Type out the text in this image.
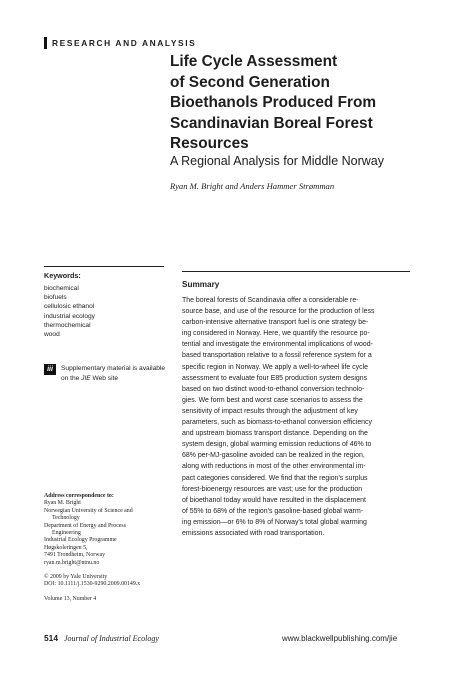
RESEARCH AND ANALYSIS
Life Cycle Assessment
of Second Generation
Bioethanols Produced From
Scandinavian Boreal Forest
Resources
A Regional Analysis for Middle Norway
Ryan M. Bright and Anders Hammer Strømman
Keywords:
biochemical
biofuels
cellulosic ethanol
industrial ecology
thermochemical
wood
iii	Supplementary material is available
on the JIE Web site
Address correspondence to:
Ryan M. Bright
Norwegian University of Science and
Technology
Department of Energy and Process
Engineering
Industrial Ecology Programme
Høgskoleringen 5,
7491 Trondheim, Norway
ryan.m.bright@ntnu.no
© 2009 by Yale University
DOI: 10.1111/j.1530-9290.2009.00149.x
Volume 13, Number 4
Summary
The boreal forests of Scandinavia offer a considerable re-
source base, and use of the resource for the production of less
carbon-intensive alternative transport fuel is one strategy be-
ing considered in Norway. Here, we quantify the resource po-
tential and investigate the environmental implications of wood-
based transportation relative to a fossil reference system for a
specific region in Norway. We apply a well-to-wheel life cycle
assessment to evaluate four E85 production system designs
based on two distinct wood-to-ethanol conversion technolo-
gies. We form best and worst case scenarios to assess the
sensitivity of impact results through the adjustment of key
parameters, such as biomass-to-ethanol conversion efficiency
and upstream biomass transport distance. Depending on the
system design, global warming emission reductions of 46% to
68% per-MJ-gasoline avoided can be realized in the region,
along with reductions in most of the other environmental im-
pact categories considered. We find that the region's surplus
forest-bioenergy resources are vast; use for the production
of bioethanol today would have resulted in the displacement
of 55% to 68% of the region's gasoline-based global warm-
ing emission—or 6% to 8% of Norway's total global warming
emissions associated with road transportation.
514 Journal of Industrial Ecology	www.blackwellpublishing.com/jie
